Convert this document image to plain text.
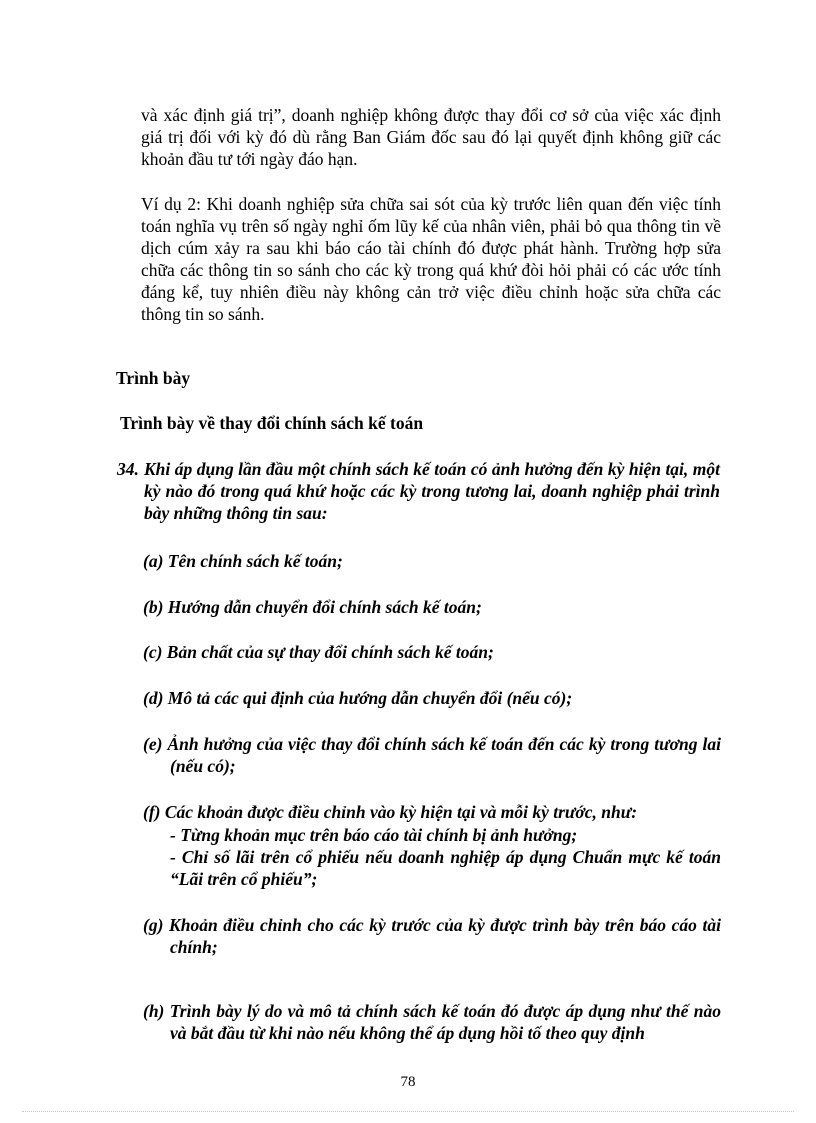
và xác định giá trị”, doanh nghiệp không được thay đổi cơ sở của việc xác định giá trị đối với kỳ đó dù rằng Ban Giám đốc sau đó lại quyết định không giữ các khoản đầu tư tới ngày đáo hạn.

Ví dụ 2: Khi doanh nghiệp sửa chữa sai sót của kỳ trước liên quan đến việc tính toán nghĩa vụ trên số ngày nghỉ ốm lũy kế của nhân viên, phải bỏ qua thông tin về dịch cúm xảy ra sau khi báo cáo tài chính đó được phát hành. Trường hợp sửa chữa các thông tin so sánh cho các kỳ trong quá khứ đòi hỏi phải có các ước tính đáng kể, tuy nhiên điều này không cản trở việc điều chỉnh hoặc sửa chữa các thông tin so sánh.

Trình bày

Trình bày về thay đổi chính sách kế toán

34. Khi áp dụng lần đầu một chính sách kế toán có ảnh hưởng đến kỳ hiện tại, một kỳ nào đó trong quá khứ hoặc các kỳ trong tương lai, doanh nghiệp phải trình bày những thông tin sau:

(a) Tên chính sách kế toán;

(b) Hướng dẫn chuyển đổi chính sách kế toán;

(c) Bản chất của sự thay đổi chính sách kế toán;

(d) Mô tả các qui định của hướng dẫn chuyển đổi (nếu có);

(e) Ảnh hưởng của việc thay đổi chính sách kế toán đến các kỳ trong tương lai (nếu có);

(f) Các khoản được điều chỉnh vào kỳ hiện tại và mỗi kỳ trước, như:

- Từng khoản mục trên báo cáo tài chính bị ảnh hưởng;

- Chỉ số lãi trên cổ phiếu nếu doanh nghiệp áp dụng Chuẩn mực kế toán “Lãi trên cổ phiếu”;

(g) Khoản điều chỉnh cho các kỳ trước của kỳ được trình bày trên báo cáo tài chính;

(h) Trình bày lý do và mô tả chính sách kế toán đó được áp dụng như thế nào và bắt đầu từ khi nào nếu không thể áp dụng hồi tố theo quy định

78
